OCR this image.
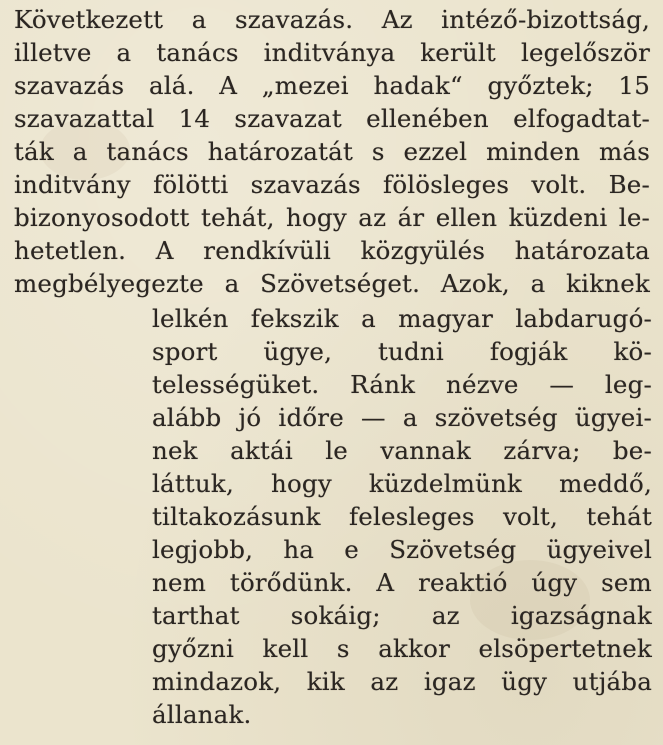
Következett a szavazás. Az intéző-bizottság,
illetve a tanács inditványa került legelőször
szavazás alá. A „mezei hadak“ győztek; 15
szavazattal 14 szavazat ellenében elfogadtat-
ták a tanács határozatát s ezzel minden más
inditvány fölötti szavazás fölösleges volt. Be-
bizonyosodott tehát, hogy az ár ellen küzdeni le-
hetetlen. A rendkívüli közgyülés határozata
megbélyegezte a Szövetséget. Azok, a kiknek
lelkén fekszik a magyar labdarugó-
sport ügye, tudni fogják kö-
telességüket. Ránk nézve — leg-
alább jó időre — a szövetség ügyei-
nek aktái le vannak zárva; be-
láttuk, hogy küzdelmünk meddő,
tiltakozásunk felesleges volt, tehát
legjobb, ha e Szövetség ügyeivel
nem törődünk. A reaktió úgy sem
tarthat sokáig; az igazságnak
győzni kell s akkor elsöpertetnek
mindazok, kik az igaz ügy utjába
állanak.
